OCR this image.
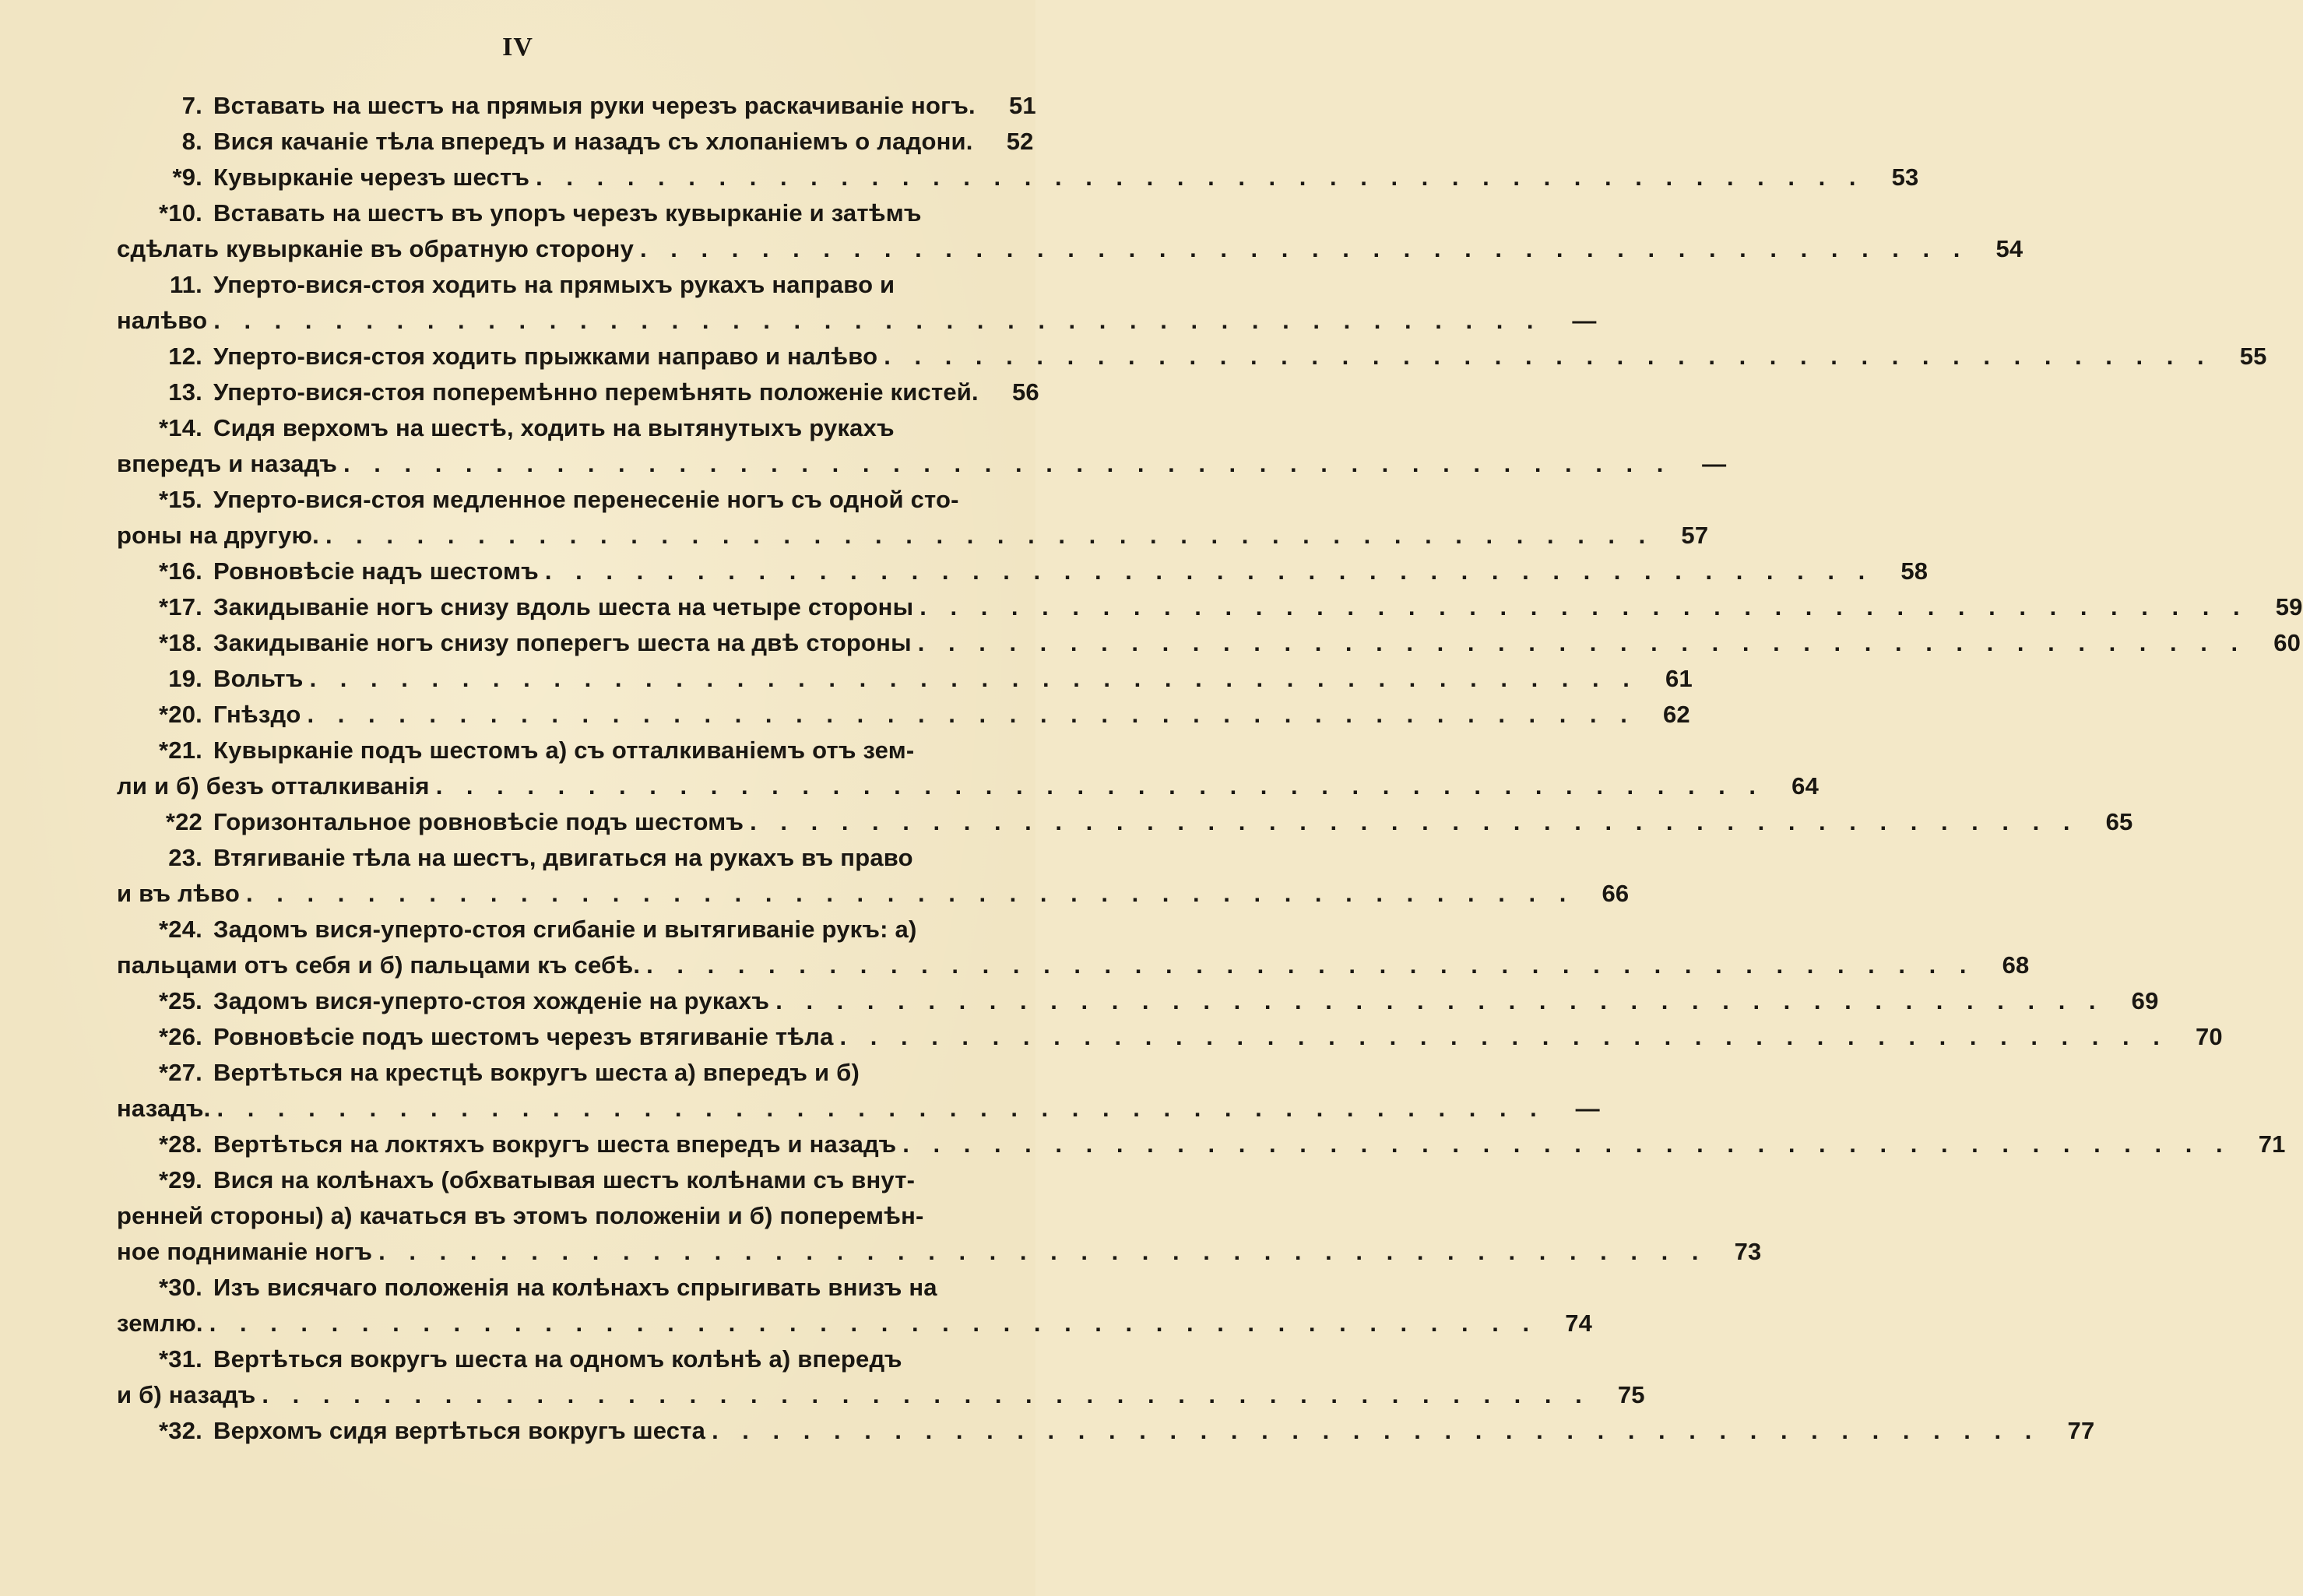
IV
7. Вставать на шестъ на прямыя руки черезъ раскачиваніе ногъ.	51
8. Вися качаніе тѣла впередъ и назадъ съ хлопаніемъ о ладони.	52
*9. Кувырканіе черезъ шестъ . . . . . . . . . . . . . . . . . . . . . . . . . . . . . . . . . . . . . . . . . . . .	53
*10. Вставать на шестъ въ упоръ черезъ кувырканіе и затѣмъ
сдѣлать кувырканіе въ обратную сторону . . . . . . . . . . . . . . . . . . . . . . . . . . . . . . . . . . . . . . . . . . . .	54
11. Уперто-вися-стоя ходить на прямыхъ рукахъ направо и
налѣво . . . . . . . . . . . . . . . . . . . . . . . . . . . . . . . . . . . . . . . . . . . .	—
12. Уперто-вися-стоя ходить прыжками направо и налѣво . . . . . . . . . . . . . . . . . . . . . . . . . . . . . . . . . . . . . . . . . . . .	55
13. Уперто-вися-стоя поперемѣнно перемѣнять положеніе кистей.	56
*14. Сидя верхомъ на шестѣ, ходить на вытянутыхъ рукахъ
впередъ и назадъ . . . . . . . . . . . . . . . . . . . . . . . . . . . . . . . . . . . . . . . . . . . .	—
*15. Уперто-вися-стоя медленное перенесеніе ногъ съ одной сто-
роны на другую. . . . . . . . . . . . . . . . . . . . . . . . . . . . . . . . . . . . . . . . . . . . .	57
*16. Ровновѣсіе надъ шестомъ . . . . . . . . . . . . . . . . . . . . . . . . . . . . . . . . . . . . . . . . . . . .	58
*17. Закидываніе ногъ снизу вдоль шеста на четыре стороны . . . . . . . . . . . . . . . . . . . . . . . . . . . . . . . . . . . . . . . . . . . .	59
*18. Закидываніе ногъ снизу поперегъ шеста на двѣ стороны . . . . . . . . . . . . . . . . . . . . . . . . . . . . . . . . . . . . . . . . . . . .	60
19. Вольтъ . . . . . . . . . . . . . . . . . . . . . . . . . . . . . . . . . . . . . . . . . . . .	61
*20. Гнѣздо . . . . . . . . . . . . . . . . . . . . . . . . . . . . . . . . . . . . . . . . . . . .	62
*21. Кувырканіе подъ шестомъ а) съ отталкиваніемъ отъ зем-
ли и б) безъ отталкиванія . . . . . . . . . . . . . . . . . . . . . . . . . . . . . . . . . . . . . . . . . . . .	64
*22 Горизонтальное ровновѣсіе подъ шестомъ . . . . . . . . . . . . . . . . . . . . . . . . . . . . . . . . . . . . . . . . . . . .	65
23. Втягиваніе тѣла на шестъ, двигаться на рукахъ въ право
и въ лѣво . . . . . . . . . . . . . . . . . . . . . . . . . . . . . . . . . . . . . . . . . . . .	66
*24. Задомъ вися-уперто-стоя сгибаніе и вытягиваніе рукъ: а)
пальцами отъ себя и б) пальцами къ себѣ. . . . . . . . . . . . . . . . . . . . . . . . . . . . . . . . . . . . . . . . . . . . .	68
*25. Задомъ вися-уперто-стоя хожденіе на рукахъ . . . . . . . . . . . . . . . . . . . . . . . . . . . . . . . . . . . . . . . . . . . .	69
*26. Ровновѣсіе подъ шестомъ черезъ втягиваніе тѣла . . . . . . . . . . . . . . . . . . . . . . . . . . . . . . . . . . . . . . . . . . . .	70
*27. Вертѣться на крестцѣ вокругъ шеста а) впередъ и б)
назадъ. . . . . . . . . . . . . . . . . . . . . . . . . . . . . . . . . . . . . . . . . . . . .	—
*28. Вертѣться на локтяхъ вокругъ шеста впередъ и назадъ . . . . . . . . . . . . . . . . . . . . . . . . . . . . . . . . . . . . . . . . . . . .	71
*29. Вися на колѣнахъ (обхватывая шестъ колѣнами съ внут-
ренней стороны) а) качаться въ этомъ положеніи и б) поперемѣн-
ное подниманіе ногъ . . . . . . . . . . . . . . . . . . . . . . . . . . . . . . . . . . . . . . . . . . . .	73
*30. Изъ висячаго положенія на колѣнахъ спрыгивать внизъ на
землю. . . . . . . . . . . . . . . . . . . . . . . . . . . . . . . . . . . . . . . . . . . . .	74
*31. Вертѣться вокругъ шеста на одномъ колѣнѣ а) впередъ
и б) назадъ . . . . . . . . . . . . . . . . . . . . . . . . . . . . . . . . . . . . . . . . . . . .	75
*32. Верхомъ сидя вертѣться вокругъ шеста . . . . . . . . . . . . . . . . . . . . . . . . . . . . . . . . . . . . . . . . . . . .	77
